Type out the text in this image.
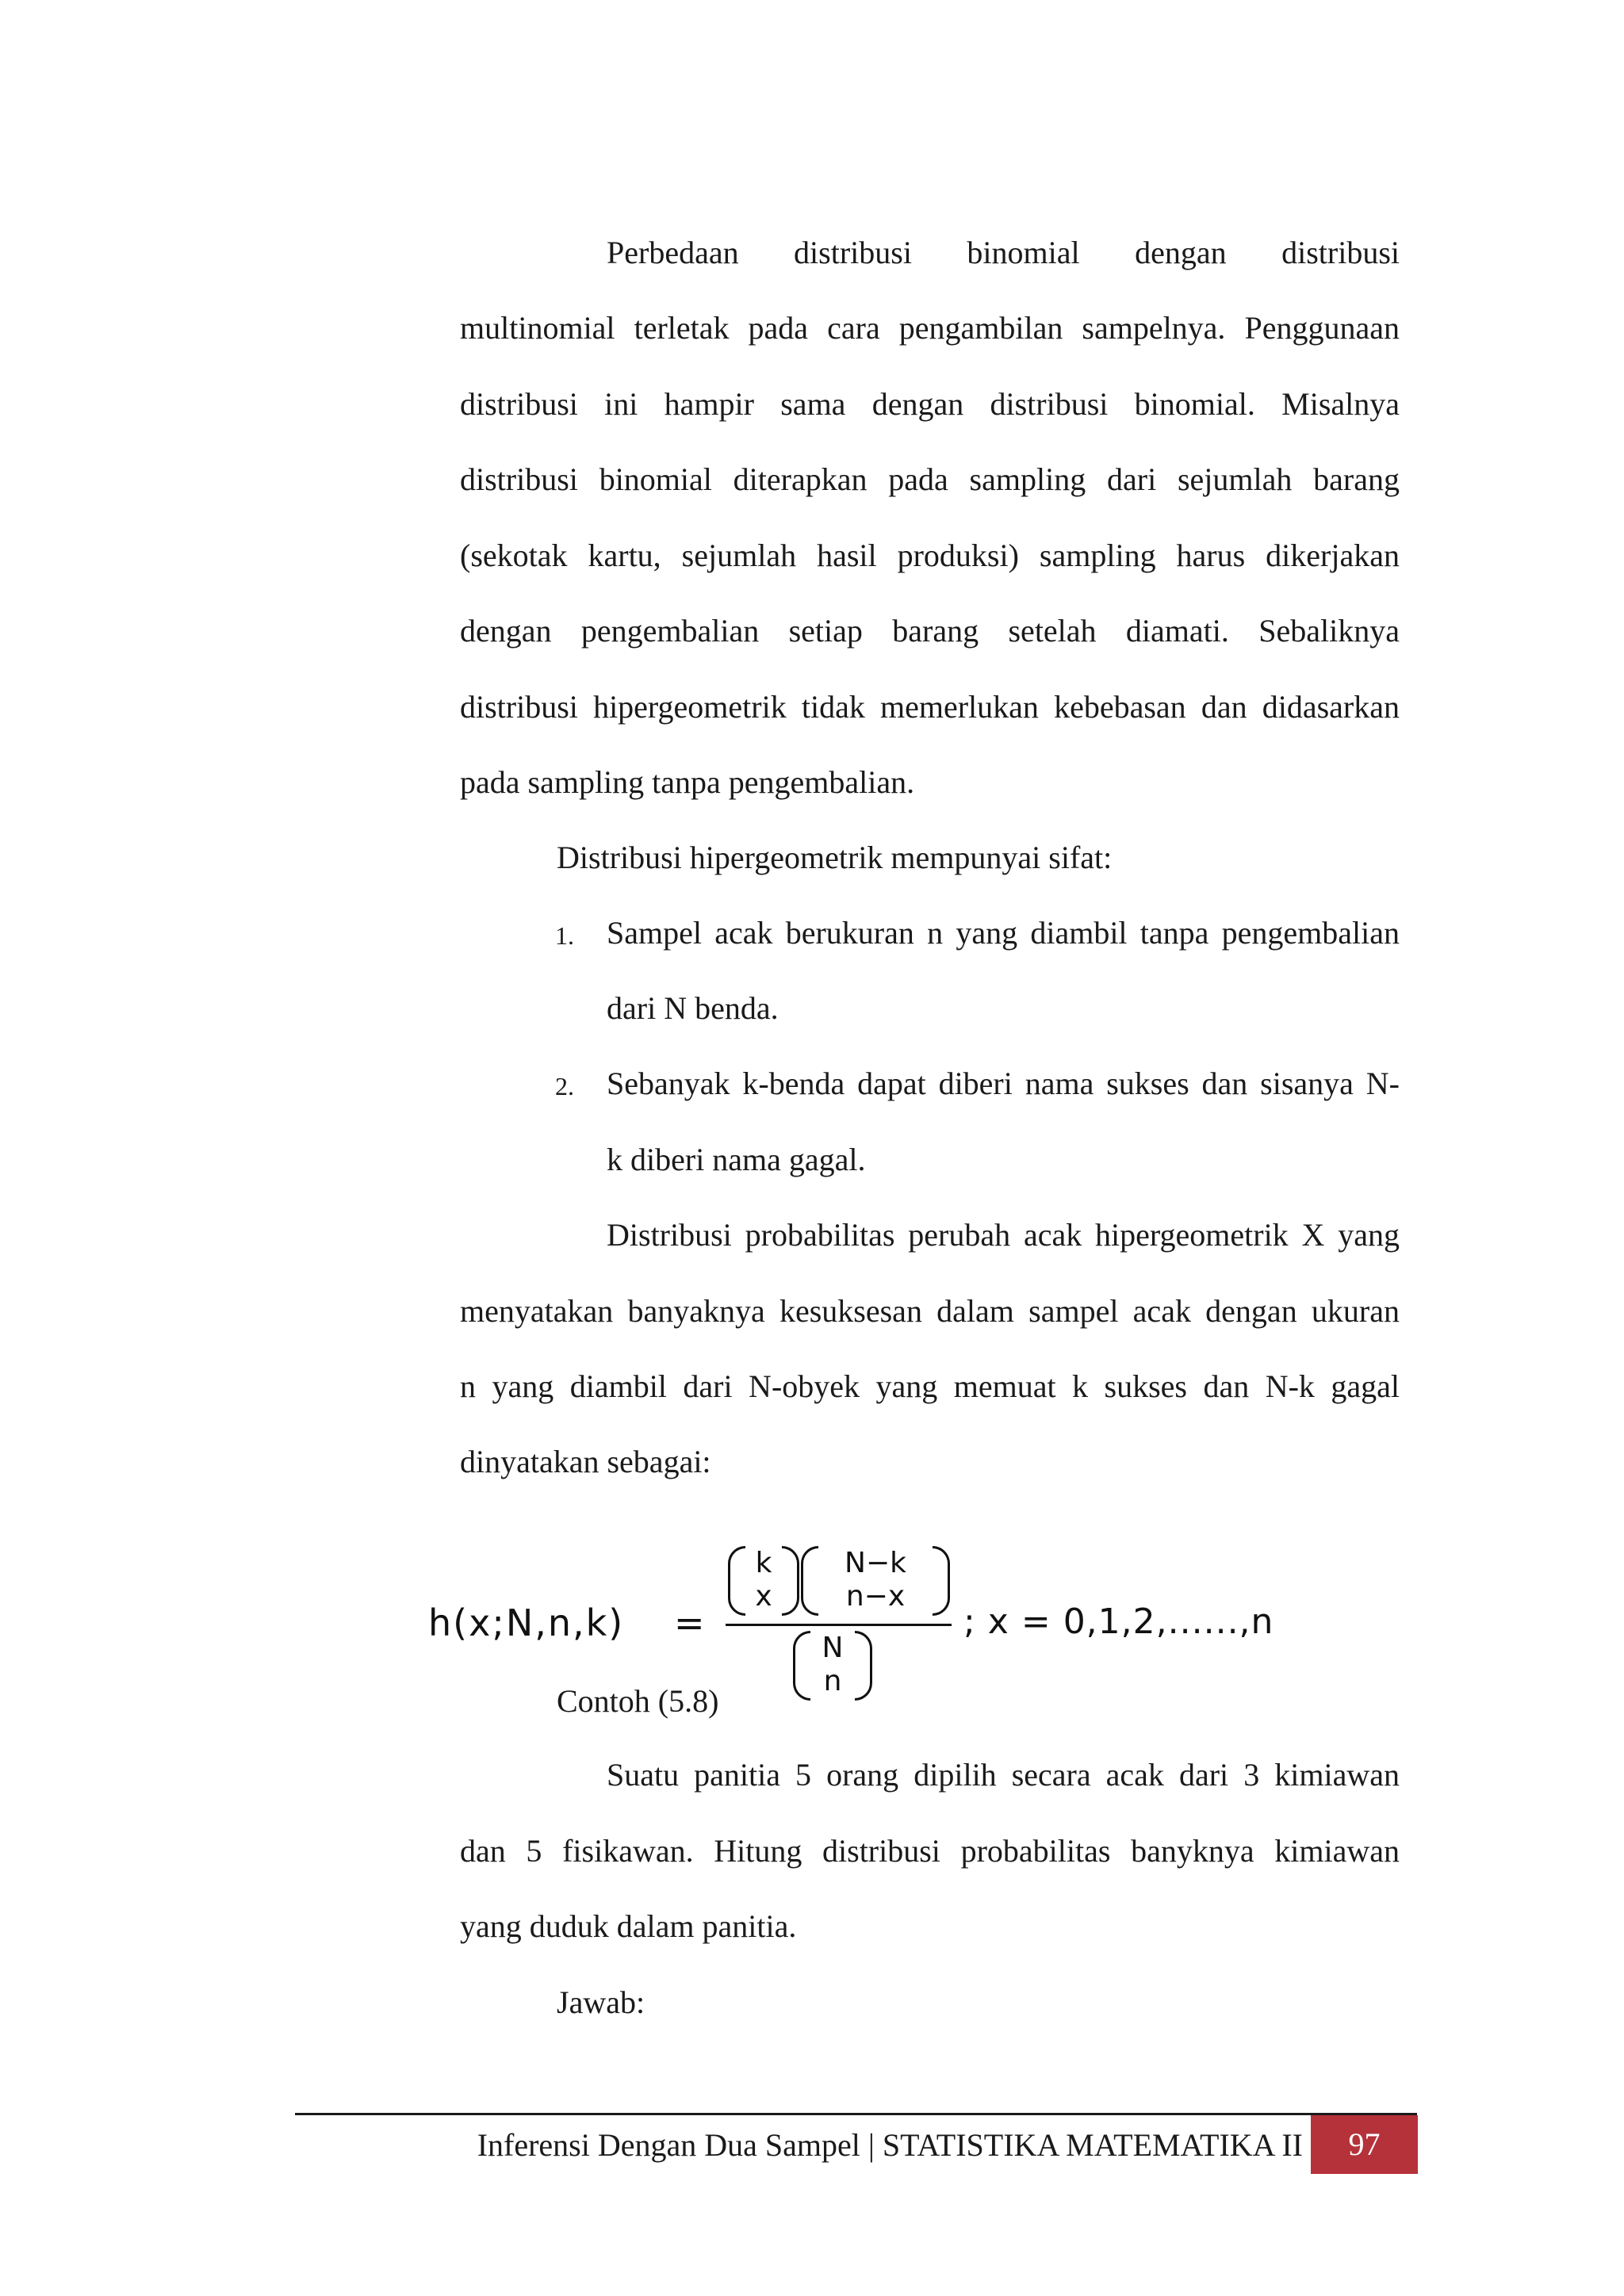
Perbedaan distribusi binomial dengan distribusi
multinomial terletak pada cara pengambilan sampelnya. Penggunaan
distribusi ini hampir sama dengan distribusi binomial. Misalnya
distribusi binomial diterapkan pada sampling dari sejumlah barang
(sekotak kartu, sejumlah hasil produksi) sampling harus dikerjakan
dengan pengembalian setiap barang setelah diamati. Sebaliknya
distribusi hipergeometrik tidak memerlukan kebebasan dan didasarkan
pada sampling tanpa pengembalian.
Distribusi hipergeometrik mempunyai sifat:
1. Sampel acak berukuran n yang diambil tanpa pengembalian
dari N benda.
2. Sebanyak k-benda dapat diberi nama sukses dan sisanya N-
k diberi nama gagal.
Distribusi probabilitas perubah acak hipergeometrik X yang
menyatakan banyaknya kesuksesan dalam sampel acak dengan ukuran
n yang diambil dari N-obyek yang memuat k sukses dan N-k gagal
dinyatakan sebagai:
h(x;N,n,k) =
k
x
N−k
n−x
N
n
; x = 0,1,2,......,n
Contoh (5.8)
Suatu panitia 5 orang dipilih secara acak dari 3 kimiawan
dan 5 fisikawan. Hitung distribusi probabilitas banyknya kimiawan
yang duduk dalam panitia.
Jawab:
Inferensi Dengan Dua Sampel | STATISTIKA MATEMATIKA II	97
